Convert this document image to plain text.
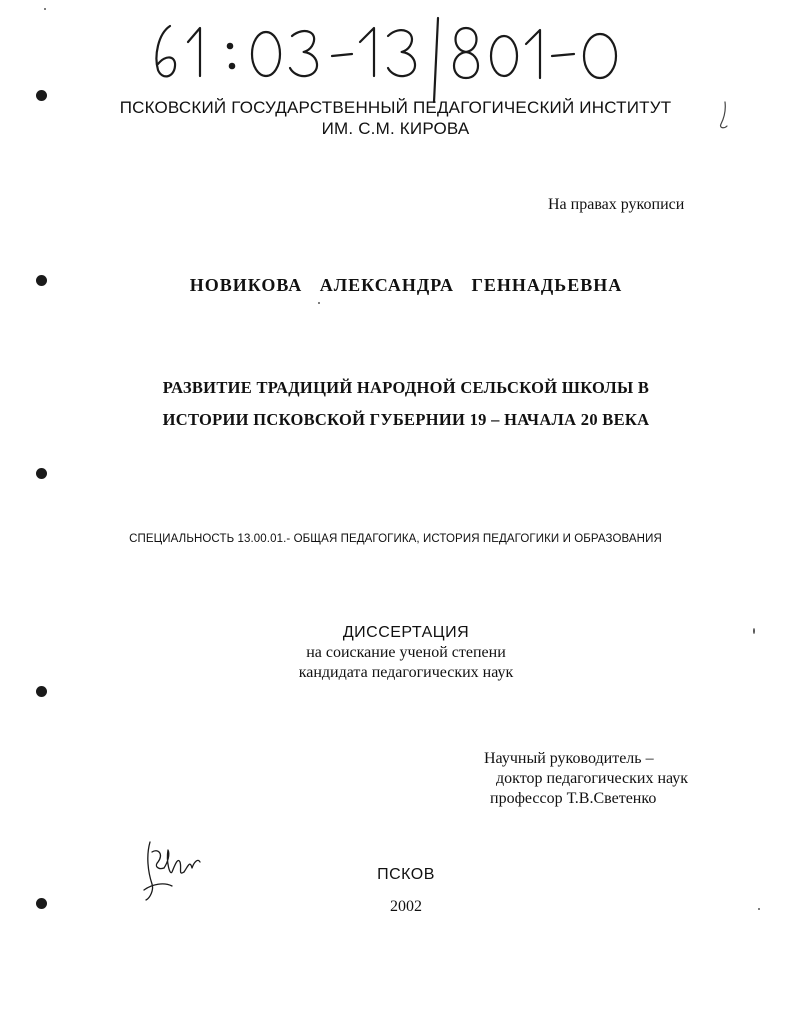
ПСКОВСКИЙ ГОСУДАРСТВЕННЫЙ ПЕДАГОГИЧЕСКИЙ ИНСТИТУТ
ИМ. С.М. КИРОВА
На правах рукописи
НОВИКОВА АЛЕКСАНДРА ГЕННАДЬЕВНА
РАЗВИТИЕ ТРАДИЦИЙ НАРОДНОЙ СЕЛЬСКОЙ ШКОЛЫ В
ИСТОРИИ ПСКОВСКОЙ ГУБЕРНИИ 19 – НАЧАЛА 20 ВЕКА
СПЕЦИАЛЬНОСТЬ 13.00.01.- ОБЩАЯ ПЕДАГОГИКА, ИСТОРИЯ ПЕДАГОГИКИ И ОБРАЗОВАНИЯ
ДИССЕРТАЦИЯ
на соискание ученой степени
кандидата педагогических наук
Научный руководитель –
доктор педагогических наук
профессор Т.В.Светенко
ПСКОВ
2002
